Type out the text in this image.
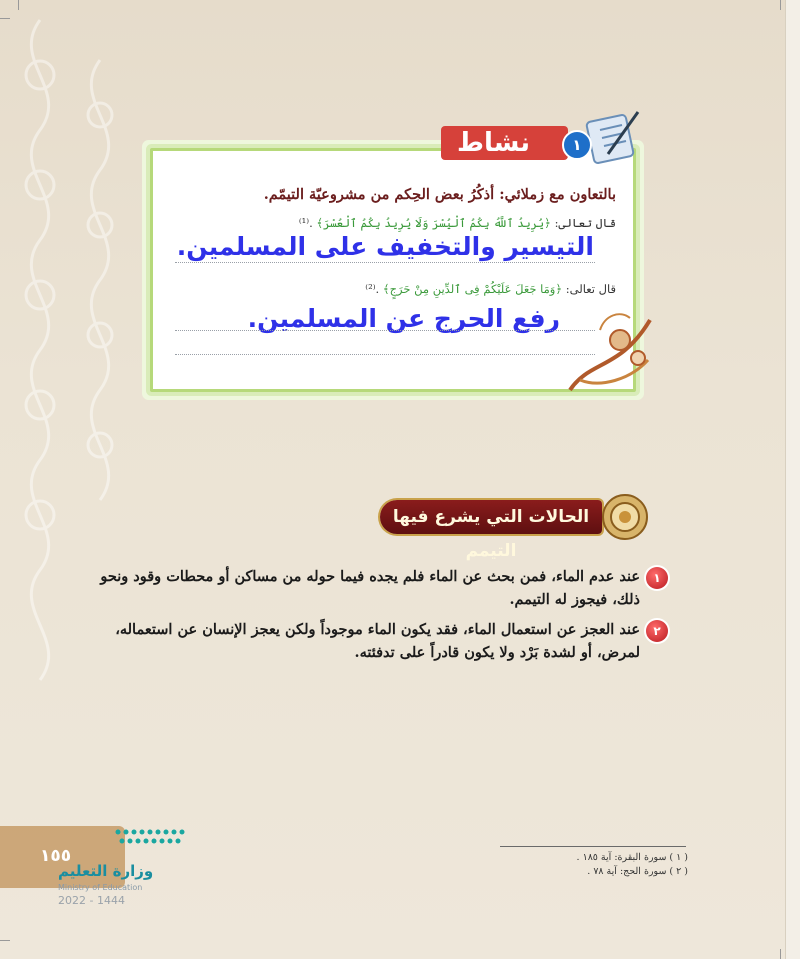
نشاط	١
بالتعاون مع زملائي: أذكُرُ بعض الحِكم من مشروعيّة التيمّم.
قال تعالى: ﴿يُرِيدُ ٱللَّهُ بِكُمُ ٱلْيُسْرَ وَلَا يُرِيدُ بِكُمُ ٱلْعُسْرَ﴾ .⁽¹⁾
التيسير والتخفيف على المسلمين.
قال تعالى: ﴿وَمَا جَعَلَ عَلَيْكُمْ فِى ٱلدِّينِ مِنْ حَرَجٍ﴾ .⁽²⁾
رفع الحرج عن المسلمين.
الحالات التي يشرع فيها التيمم
١
عند عدم الماء، فمن بحث عن الماء فلم يجده فيما حوله من مساكن أو محطات وقود ونحو ذلك، فيجوز له التيمم.
٢
عند العجز عن استعمال الماء، فقد يكون الماء موجوداً ولكن يعجز الإنسان عن استعماله، لمرض، أو لشدة بَرْد ولا يكون قادراً على تدفئته.
( ١ ) سورة البقرة: آية ١٨٥ .
( ٢ ) سورة الحج: آية ٧٨ .
١٥٥
وزارة التعليم
Ministry of Education
2022 - 1444
